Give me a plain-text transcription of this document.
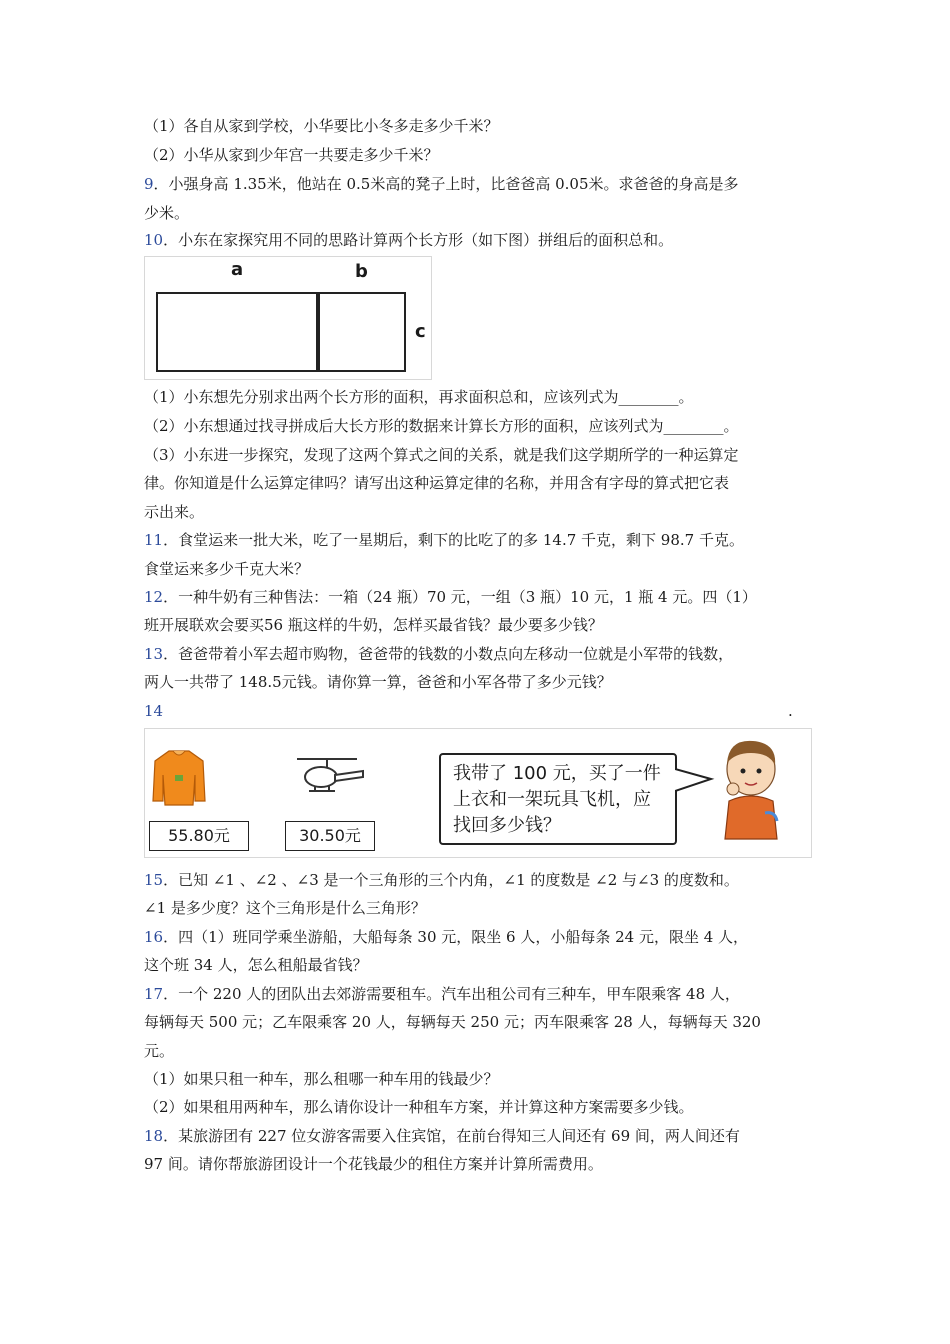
（1）各自从家到学校，小华要比小冬多走多少千米？
（2）小华从家到少年宫一共要走多少千米？
9．小强身高 1.35米，他站在 0.5米高的凳子上时，比爸爸高 0.05米。求爸爸的身高是多
少米。
10．小东在家探究用不同的思路计算两个长方形（如下图）拼组后的面积总和。
a	b
c
（1）小东想先分别求出两个长方形的面积，再求面积总和，应该列式为________。
（2）小东想通过找寻拼成后大长方形的数据来计算长方形的面积，应该列式为________。
（3）小东进一步探究，发现了这两个算式之间的关系，就是我们这学期所学的一种运算定
律。你知道是什么运算定律吗？请写出这种运算定律的名称，并用含有字母的算式把它表
示出来。
11．食堂运来一批大米，吃了一星期后，剩下的比吃了的多 14.7 千克，剩下 98.7 千克。
食堂运来多少千克大米？
12．一种牛奶有三种售法：一箱（24 瓶）70 元，一组（3 瓶）10 元，1 瓶 4 元。四（1）
班开展联欢会要买56 瓶这样的牛奶，怎样买最省钱？最少要多少钱？
13．爸爸带着小军去超市购物，爸爸带的钱数的小数点向左移动一位就是小军带的钱数，
两人一共带了 148.5元钱。请你算一算，爸爸和小军各带了多少元钱？
14	.
55.80元	30.50元
我带了 100 元，买了一件
上衣和一架玩具飞机，应
找回多少钱？
15．已知 ∠1 、∠2 、∠3 是一个三角形的三个内角，∠1 的度数是 ∠2 与∠3 的度数和。
∠1 是多少度？这个三角形是什么三角形？
16．四（1）班同学乘坐游船，大船每条 30 元，限坐 6 人，小船每条 24 元，限坐 4 人，
这个班 34 人，怎么租船最省钱？
17．一个 220 人的团队出去郊游需要租车。汽车出租公司有三种车，甲车限乘客 48 人，
每辆每天 500 元；乙车限乘客 20 人，每辆每天 250 元；丙车限乘客 28 人，每辆每天 320
元。
（1）如果只租一种车，那么租哪一种车用的钱最少？
（2）如果租用两种车，那么请你设计一种租车方案，并计算这种方案需要多少钱。
18．某旅游团有 227 位女游客需要入住宾馆，在前台得知三人间还有 69 间，两人间还有
97 间。请你帮旅游团设计一个花钱最少的租住方案并计算所需费用。
